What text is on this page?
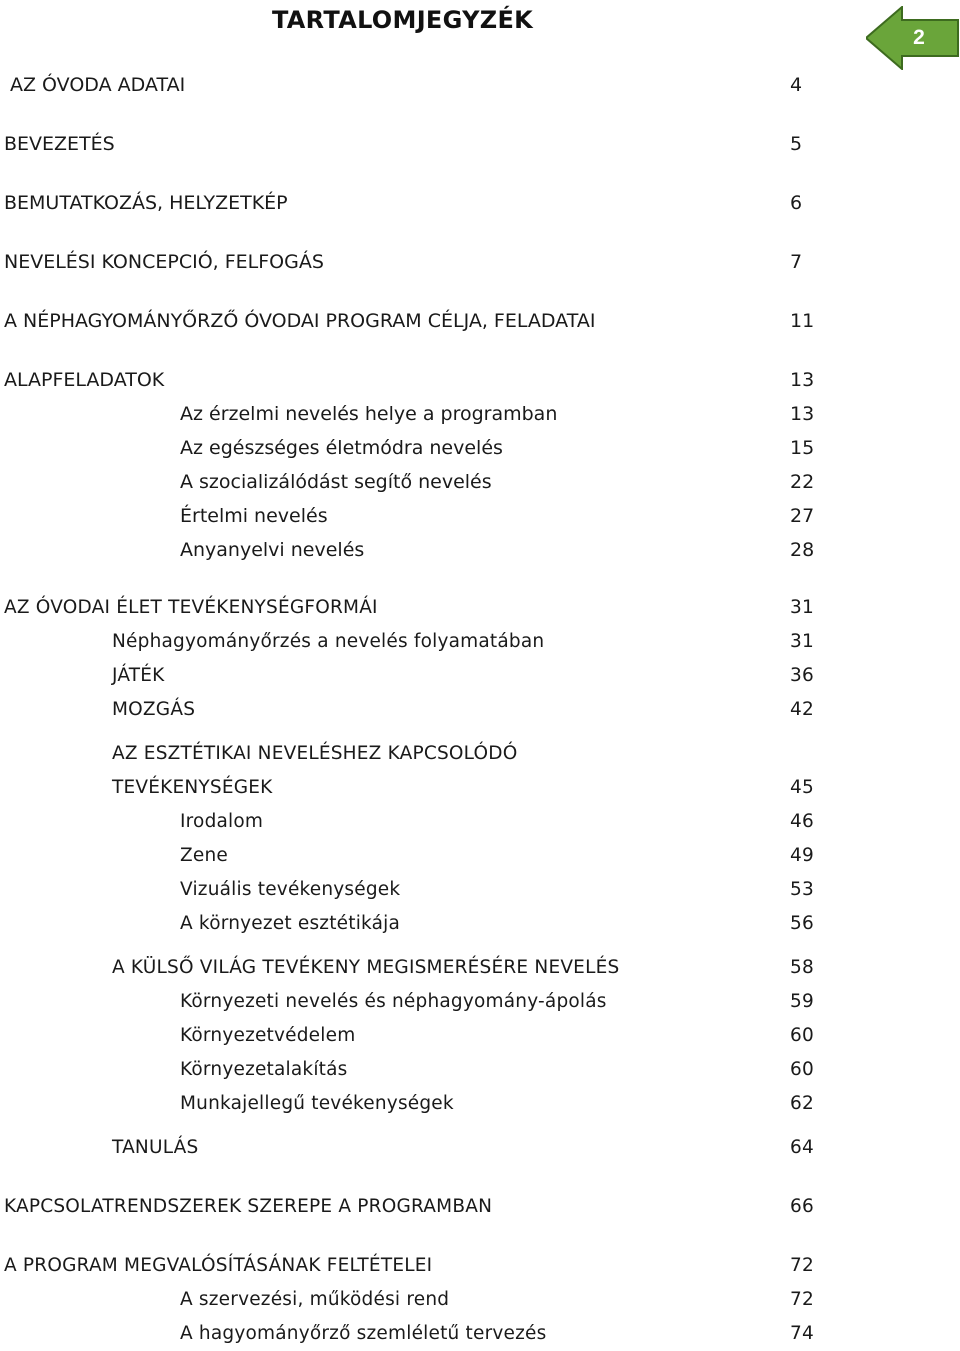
TARTALOMJEGYZÉK
2
AZ ÓVODA ADATAI	4
BEVEZETÉS	5
BEMUTATKOZÁS, HELYZETKÉP	6
NEVELÉSI KONCEPCIÓ, FELFOGÁS	7
A NÉPHAGYOMÁNYŐRZŐ ÓVODAI PROGRAM CÉLJA, FELADATAI	11
ALAPFELADATOK	13
Az érzelmi nevelés helye a programban	13
Az egészséges életmódra nevelés	15
A szocializálódást segítő nevelés	22
Értelmi nevelés	27
Anyanyelvi nevelés	28
AZ ÓVODAI ÉLET TEVÉKENYSÉGFORMÁI	31
Néphagyományőrzés a nevelés folyamatában	31
JÁTÉK	36
MOZGÁS	42
AZ ESZTÉTIKAI NEVELÉSHEZ KAPCSOLÓDÓ
TEVÉKENYSÉGEK	45
Irodalom	46
Zene	49
Vizuális tevékenységek	53
A környezet esztétikája	56
A KÜLSŐ VILÁG TEVÉKENY MEGISMERÉSÉRE NEVELÉS	58
Környezeti nevelés és néphagyomány-ápolás	59
Környezetvédelem	60
Környezetalakítás	60
Munkajellegű tevékenységek	62
TANULÁS	64
KAPCSOLATRENDSZEREK SZEREPE A PROGRAMBAN	66
A PROGRAM MEGVALÓSÍTÁSÁNAK FELTÉTELEI	72
A szervezési, működési rend	72
A hagyományőrző szemléletű tervezés	74
